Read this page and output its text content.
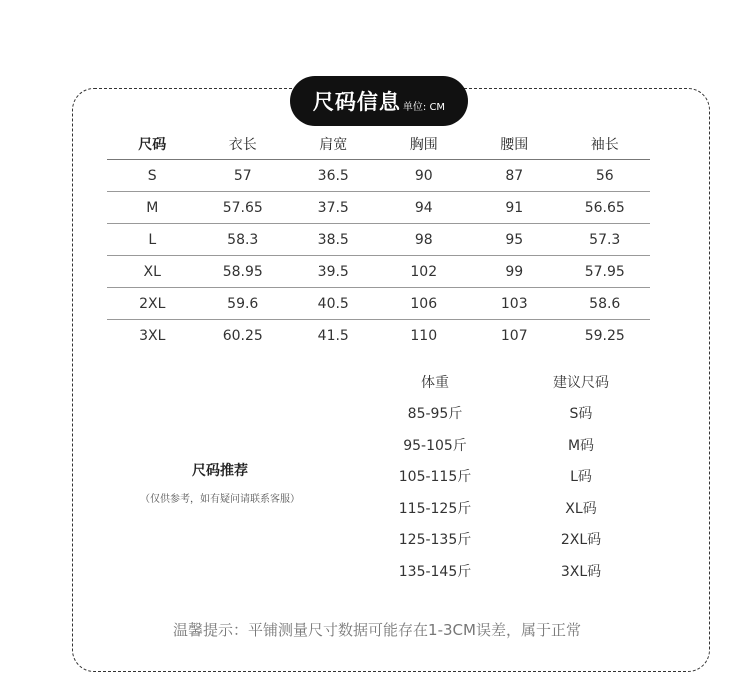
尺码信息 单位: CM
尺码	衣长	肩宽	胸围	腰围	袖长
S	57	36.5	90	87	56
M	57.65	37.5	94	91	56.65
L	58.3	38.5	98	95	57.3
XL	58.95	39.5	102	99	57.95
2XL	59.6	40.5	106	103	58.6
3XL	60.25	41.5	110	107	59.25
尺码推荐
（仅供参考，如有疑问请联系客服）
体重	建议尺码
85-95斤	S码
95-105斤	M码
105-115斤	L码
115-125斤	XL码
125-135斤	2XL码
135-145斤	3XL码
温馨提示：平铺测量尺寸数据可能存在1-3CM误差，属于正常
